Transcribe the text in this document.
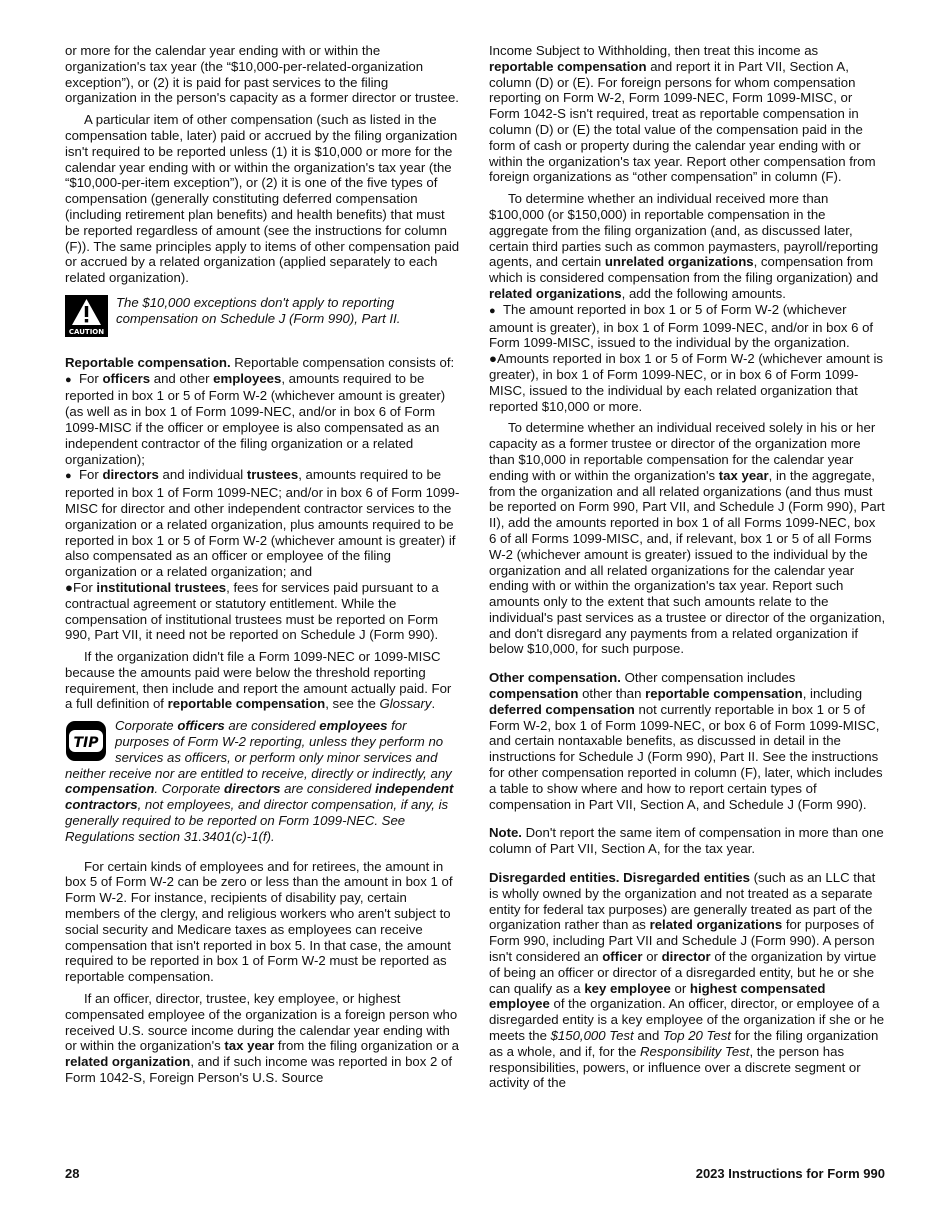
or more for the calendar year ending with or within the organization's tax year (the “$10,000-per-related-organization exception”), or (2) it is paid for past services to the filing organization in the person's capacity as a former director or trustee.

A particular item of other compensation (such as listed in the compensation table, later) paid or accrued by the filing organization isn't required to be reported unless (1) it is $10,000 or more for the calendar year ending with or within the organization's tax year (the “$10,000-per-item exception”), or (2) it is one of the five types of compensation (generally constituting deferred compensation (including retirement plan benefits) and health benefits) that must be reported regardless of amount (see the instructions for column (F)). The same principles apply to items of other compensation paid or accrued by a related organization (applied separately to each related organization).

CAUTION
The $10,000 exceptions don't apply to reporting compensation on Schedule J (Form 990), Part II.

Reportable compensation. Reportable compensation consists of:

● For officers and other employees, amounts required to be reported in box 1 or 5 of Form W-2 (whichever amount is greater) (as well as in box 1 of Form 1099-NEC, and/or in box 6 of Form 1099-MISC if the officer or employee is also compensated as an independent contractor of the filing organization or a related organization);

● For directors and individual trustees, amounts required to be reported in box 1 of Form 1099-NEC; and/or in box 6 of Form 1099-MISC for director and other independent contractor services to the organization or a related organization, plus amounts required to be reported in box 1 or 5 of Form W-2 (whichever amount is greater) if also compensated as an officer or employee of the filing organization or a related organization; and

●For institutional trustees, fees for services paid pursuant to a contractual agreement or statutory entitlement. While the compensation of institutional trustees must be reported on Form 990, Part VII, it need not be reported on Schedule J (Form 990).

If the organization didn't file a Form 1099-NEC or 1099-MISC because the amounts paid were below the threshold reporting requirement, then include and report the amount actually paid. For a full definition of reportable compensation, see the Glossary.

TIP
Corporate officers are considered employees for purposes of Form W-2 reporting, unless they perform no services as officers, or perform only minor services and neither receive nor are entitled to receive, directly or indirectly, any compensation. Corporate directors are considered independent contractors, not employees, and director compensation, if any, is generally required to be reported on Form 1099-NEC. See Regulations section 31.3401(c)-1(f).

For certain kinds of employees and for retirees, the amount in box 5 of Form W-2 can be zero or less than the amount in box 1 of Form W-2. For instance, recipients of disability pay, certain members of the clergy, and religious workers who aren't subject to social security and Medicare taxes as employees can receive compensation that isn't reported in box 5. In that case, the amount required to be reported in box 1 of Form W-2 must be reported as reportable compensation.

If an officer, director, trustee, key employee, or highest compensated employee of the organization is a foreign person who received U.S. source income during the calendar year ending with or within the organization's tax year from the filing organization or a related organization, and if such income was reported in box 2 of Form 1042-S, Foreign Person's U.S. Source

Income Subject to Withholding, then treat this income as reportable compensation and report it in Part VII, Section A, column (D) or (E). For foreign persons for whom compensation reporting on Form W-2, Form 1099-NEC, Form 1099-MISC, or Form 1042-S isn't required, treat as reportable compensation in column (D) or (E) the total value of the compensation paid in the form of cash or property during the calendar year ending with or within the organization's tax year. Report other compensation from foreign organizations as “other compensation” in column (F).

To determine whether an individual received more than $100,000 (or $150,000) in reportable compensation in the aggregate from the filing organization (and, as discussed later, certain third parties such as common paymasters, payroll/reporting agents, and certain unrelated organizations, compensation from which is considered compensation from the filing organization) and related organizations, add the following amounts.

● The amount reported in box 1 or 5 of Form W-2 (whichever amount is greater), in box 1 of Form 1099-NEC, and/or in box 6 of Form 1099-MISC, issued to the individual by the organization.

●Amounts reported in box 1 or 5 of Form W-2 (whichever amount is greater), in box 1 of Form 1099-NEC, or in box 6 of Form 1099-MISC, issued to the individual by each related organization that reported $10,000 or more.

To determine whether an individual received solely in his or her capacity as a former trustee or director of the organization more than $10,000 in reportable compensation for the calendar year ending with or within the organization's tax year, in the aggregate, from the organization and all related organizations (and thus must be reported on Form 990, Part VII, and Schedule J (Form 990), Part II), add the amounts reported in box 1 of all Forms 1099-NEC, box 6 of all Forms 1099-MISC, and, if relevant, box 1 or 5 of all Forms W-2 (whichever amount is greater) issued to the individual by the organization and all related organizations for the calendar year ending with or within the organization's tax year. Report such amounts only to the extent that such amounts relate to the individual's past services as a trustee or director of the organization, and don't disregard any payments from a related organization if below $10,000, for such purpose.

Other compensation. Other compensation includes compensation other than reportable compensation, including deferred compensation not currently reportable in box 1 or 5 of Form W-2, box 1 of Form 1099-NEC, or box 6 of Form 1099-MISC, and certain nontaxable benefits, as discussed in detail in the instructions for Schedule J (Form 990), Part II. See the instructions for other compensation reported in column (F), later, which includes a table to show where and how to report certain types of compensation in Part VII, Section A, and Schedule J (Form 990).

Note. Don't report the same item of compensation in more than one column of Part VII, Section A, for the tax year.

Disregarded entities. Disregarded entities (such as an LLC that is wholly owned by the organization and not treated as a separate entity for federal tax purposes) are generally treated as part of the organization rather than as related organizations for purposes of Form 990, including Part VII and Schedule J (Form 990). A person isn't considered an officer or director of the organization by virtue of being an officer or director of a disregarded entity, but he or she can qualify as a key employee or highest compensated employee of the organization. An officer, director, or employee of a disregarded entity is a key employee of the organization if she or he meets the $150,000 Test and Top 20 Test for the filing organization as a whole, and if, for the Responsibility Test, the person has responsibilities, powers, or influence over a discrete segment or activity of the

28	2023 Instructions for Form 990
